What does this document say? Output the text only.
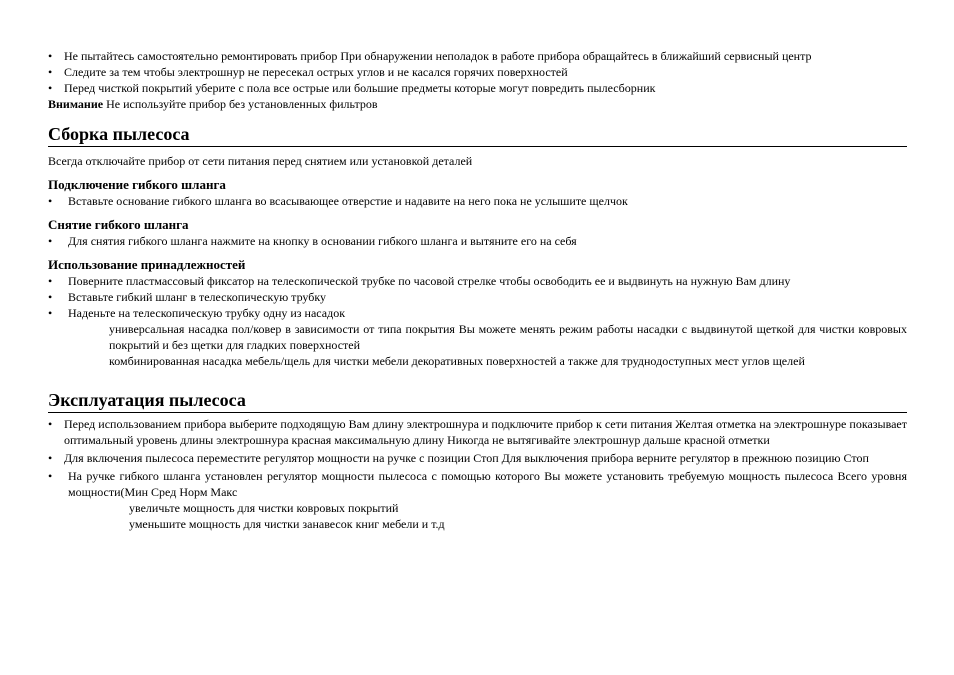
• Не пытайтесь самостоятельно ремонтировать прибор При обнаружении неполадок в работе прибора обращайтесь в ближайший сервисный центр
• Следите за тем чтобы электрошнур не пересекал острых углов и не касался горячих поверхностей
• Перед чисткой покрытий уберите с пола все острые или большие предметы которые могут повредить пылесборник
Внимание Не используйте прибор без установленных фильтров
Сборка пылесоса
Всегда отключайте прибор от сети питания перед снятием или установкой деталей
Подключение гибкого шланга
• Вставьте основание гибкого шланга во всасывающее отверстие и надавите на него пока не услышите щелчок
Снятие гибкого шланга
• Для снятия гибкого шланга нажмите на кнопку в основании гибкого шланга и вытяните его на себя
Использование принадлежностей
• Поверните пластмассовый фиксатор на телескопической трубке по часовой стрелке чтобы освободить ее и выдвинуть на нужную Вам длину
• Вставьте гибкий шланг в телескопическую трубку
• Наденьте на телескопическую трубку одну из насадок
универсальная насадка пол/ковер в зависимости от типа покрытия Вы можете менять режим работы насадки с выдвинутой щеткой для чистки ковровых покрытий и без щетки для гладких поверхностей
комбинированная насадка мебель/щель для чистки мебели декоративных поверхностей а также для труднодоступных мест углов щелей
Эксплуатация пылесоса
• Перед использованием прибора выберите подходящую Вам длину электрошнура и подключите прибор к сети питания Желтая отметка на электрошнуре показывает оптимальный уровень длины электрошнура красная максимальную длину Никогда не вытягивайте электрошнур дальше красной отметки
• Для включения пылесоса переместите регулятор мощности на ручке с позиции Стоп Для выключения прибора верните регулятор в прежнюю позицию Стоп
• На ручке гибкого шланга установлен регулятор мощности пылесоса с помощью которого Вы можете установить требуемую мощность пылесоса Всего уровня мощности(Мин Сред Норм Макс
увеличьте мощность для чистки ковровых покрытий
уменьшите мощность для чистки занавесок книг мебели и т.д
